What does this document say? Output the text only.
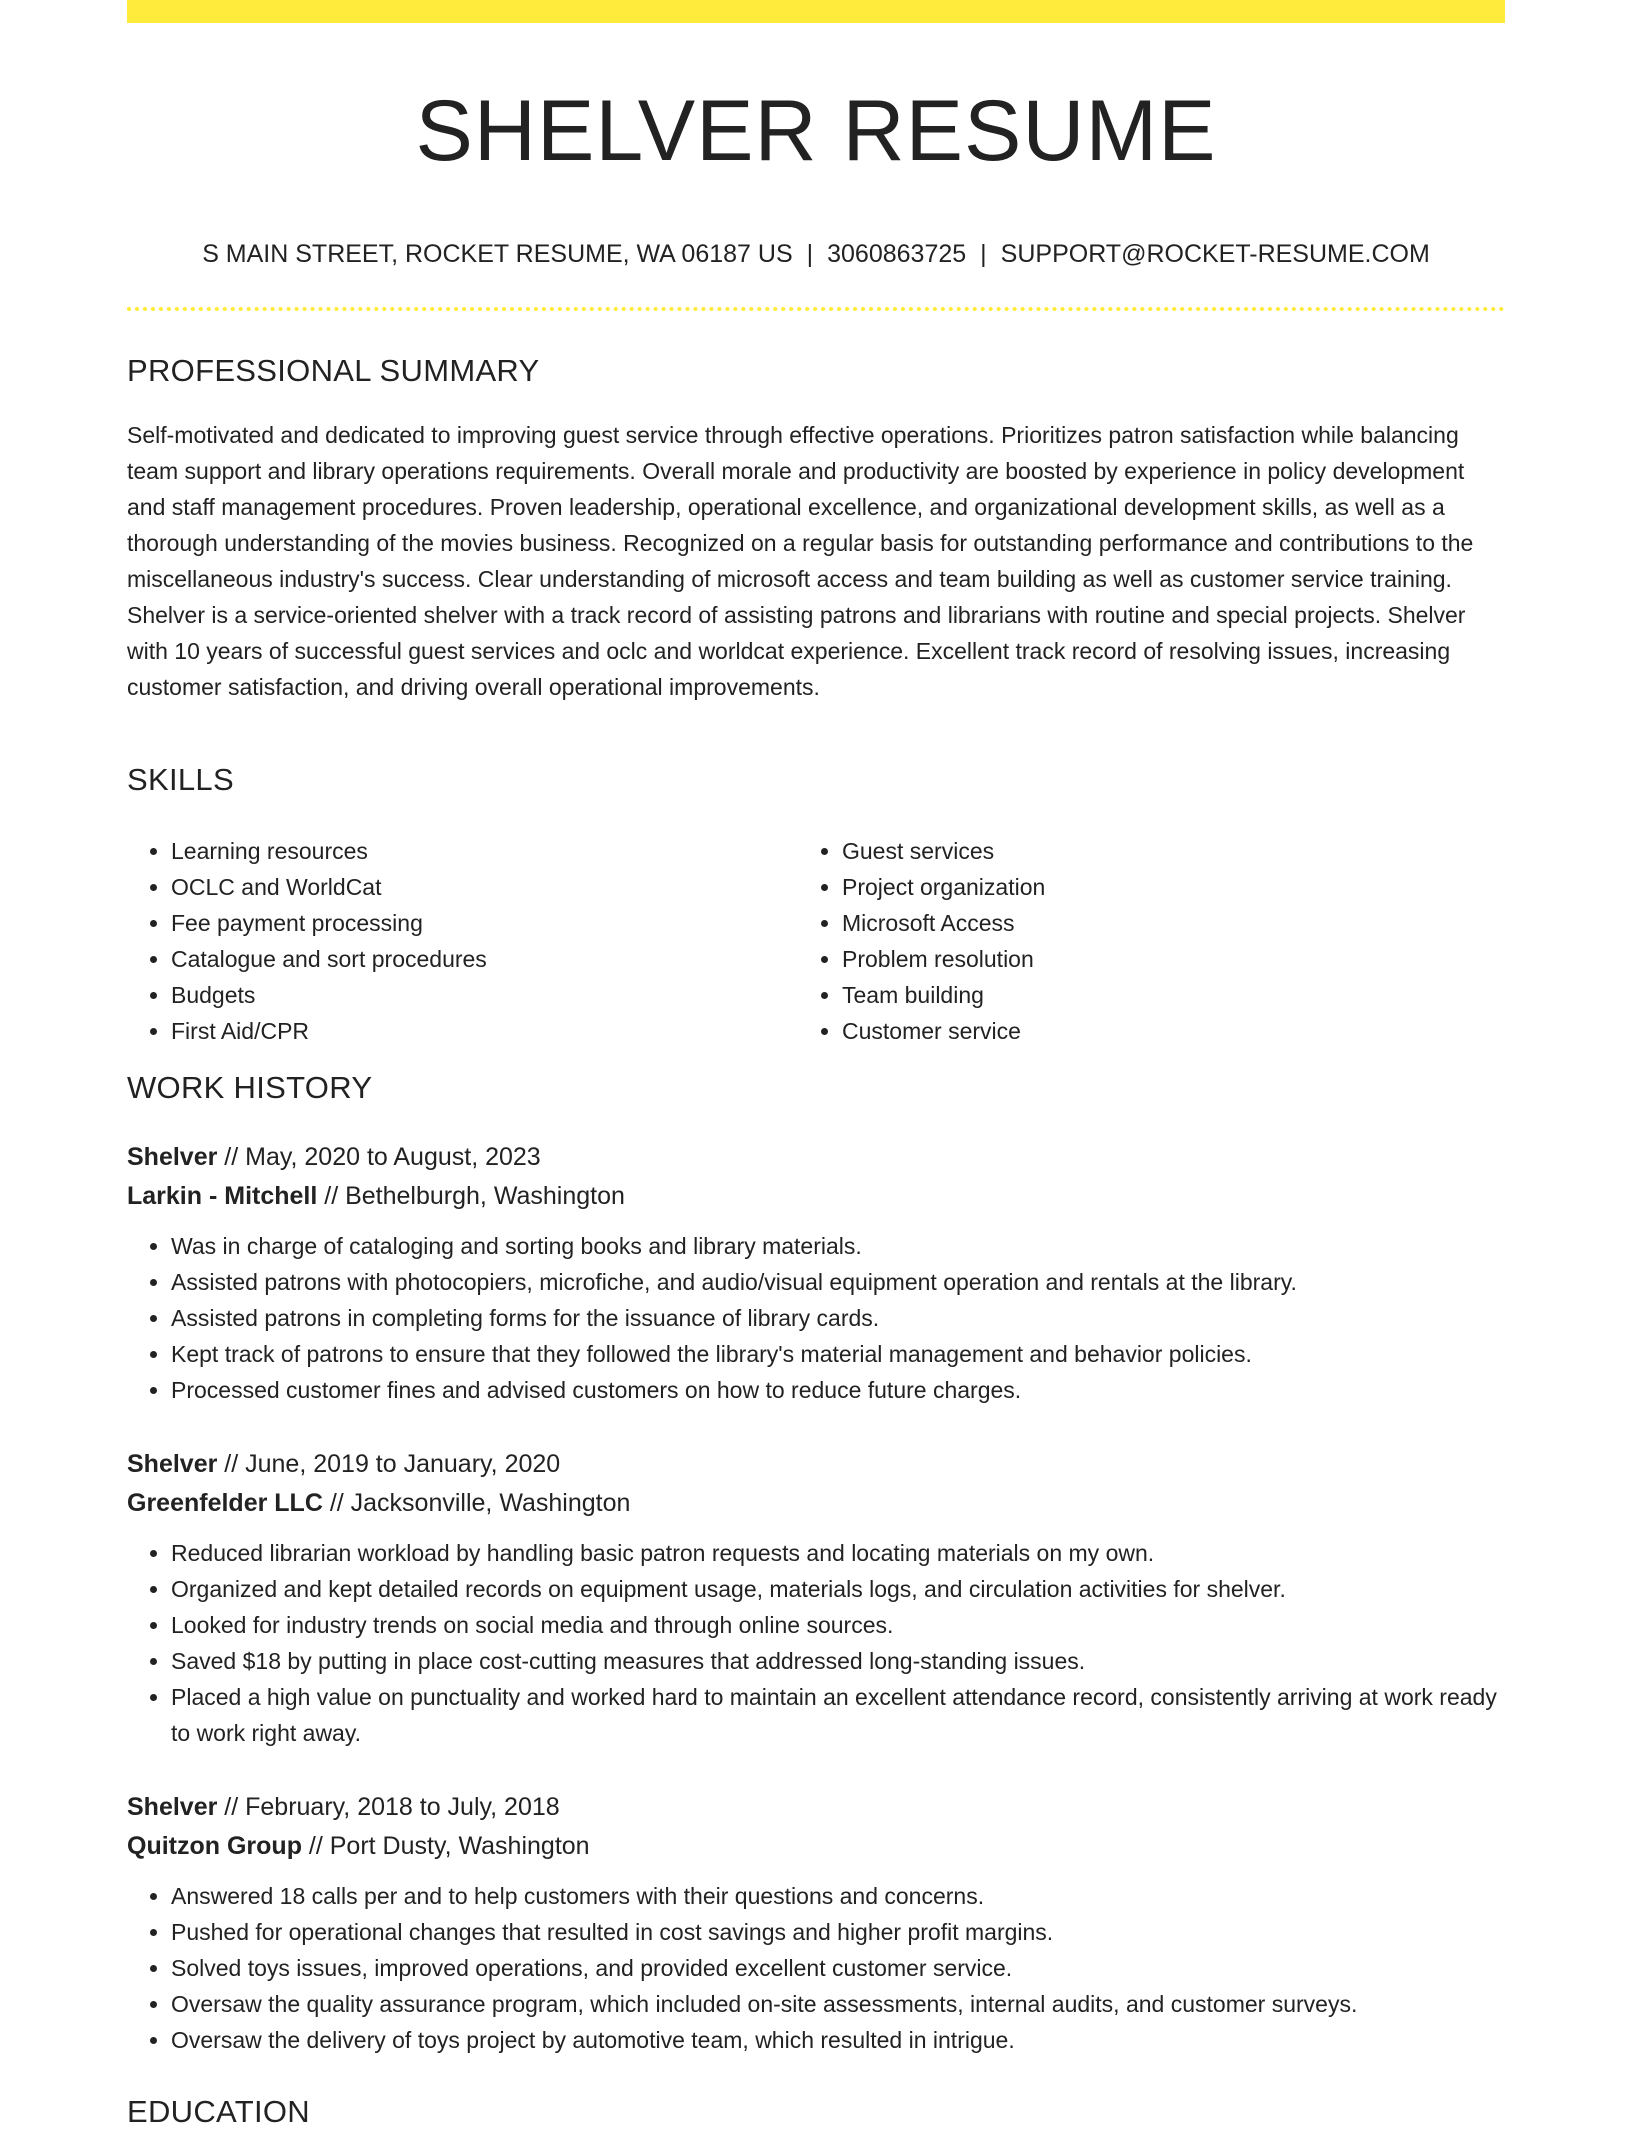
SHELVER RESUME
S MAIN STREET, ROCKET RESUME, WA 06187 US | 3060863725 | SUPPORT@ROCKET-RESUME.COM
PROFESSIONAL SUMMARY
Self-motivated and dedicated to improving guest service through effective operations. Prioritizes patron satisfaction while balancing team support and library operations requirements. Overall morale and productivity are boosted by experience in policy development and staff management procedures. Proven leadership, operational excellence, and organizational development skills, as well as a thorough understanding of the movies business. Recognized on a regular basis for outstanding performance and contributions to the miscellaneous industry's success. Clear understanding of microsoft access and team building as well as customer service training. Shelver is a service-oriented shelver with a track record of assisting patrons and librarians with routine and special projects. Shelver with 10 years of successful guest services and oclc and worldcat experience. Excellent track record of resolving issues, increasing customer satisfaction, and driving overall operational improvements.
SKILLS
• Learning resources
• OCLC and WorldCat
• Fee payment processing
• Catalogue and sort procedures
• Budgets
• First Aid/CPR
• Guest services
• Project organization
• Microsoft Access
• Problem resolution
• Team building
• Customer service
WORK HISTORY
Shelver // May, 2020 to August, 2023
Larkin - Mitchell // Bethelburgh, Washington
• Was in charge of cataloging and sorting books and library materials.
• Assisted patrons with photocopiers, microfiche, and audio/visual equipment operation and rentals at the library.
• Assisted patrons in completing forms for the issuance of library cards.
• Kept track of patrons to ensure that they followed the library's material management and behavior policies.
• Processed customer fines and advised customers on how to reduce future charges.
Shelver // June, 2019 to January, 2020
Greenfelder LLC // Jacksonville, Washington
• Reduced librarian workload by handling basic patron requests and locating materials on my own.
• Organized and kept detailed records on equipment usage, materials logs, and circulation activities for shelver.
• Looked for industry trends on social media and through online sources.
• Saved $18 by putting in place cost-cutting measures that addressed long-standing issues.
• Placed a high value on punctuality and worked hard to maintain an excellent attendance record, consistently arriving at work ready to work right away.
Shelver // February, 2018 to July, 2018
Quitzon Group // Port Dusty, Washington
• Answered 18 calls per and to help customers with their questions and concerns.
• Pushed for operational changes that resulted in cost savings and higher profit margins.
• Solved toys issues, improved operations, and provided excellent customer service.
• Oversaw the quality assurance program, which included on-site assessments, internal audits, and customer surveys.
• Oversaw the delivery of toys project by automotive team, which resulted in intrigue.
EDUCATION
